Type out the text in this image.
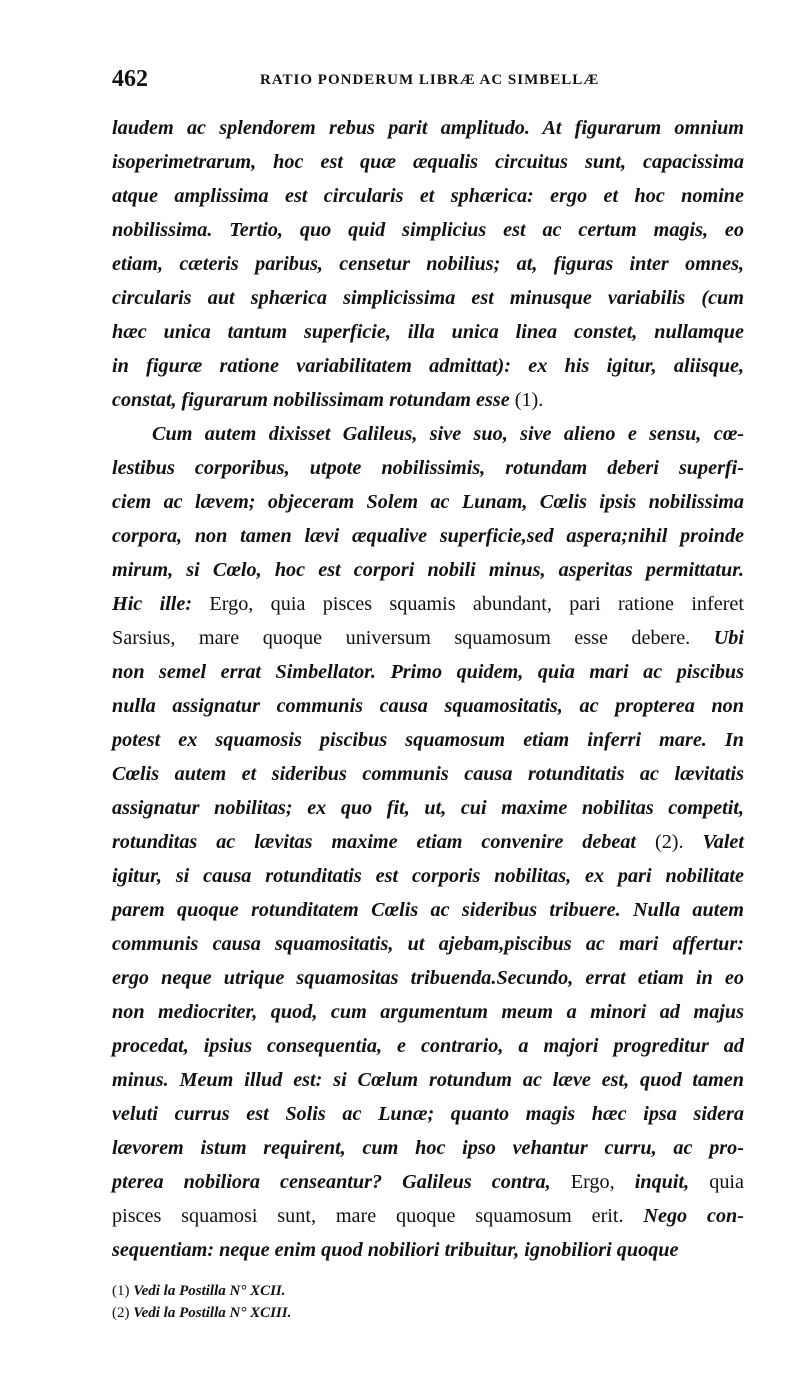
462	RATIO PONDERUM LIBRÆ AC SIMBELLÆ
laudem ac splendorem rebus parit amplitudo. At figurarum omnium
isoperimetrarum, hoc est quæ æqualis circuitus sunt, capacissima
atque amplissima est circularis et sphærica: ergo et hoc nomine
nobilissima. Tertio, quo quid simplicius est ac certum magis, eo
etiam, cæteris paribus, censetur nobilius; at, figuras inter omnes,
circularis aut sphærica simplicissima est minusque variabilis (cum
hæc unica tantum superficie, illa unica linea constet, nullamque
in figuræ ratione variabilitatem admittat): ex his igitur, aliisque,
constat, figurarum nobilissimam rotundam esse (1).
Cum autem dixisset Galileus, sive suo, sive alieno e sensu, cœ-
lestibus corporibus, utpote nobilissimis, rotundam deberi superfi-
ciem ac lævem; objeceram Solem ac Lunam, Cœlis ipsis nobilissima
corpora, non tamen lævi æqualive superficie,sed aspera;nihil proinde
mirum, si Cœlo, hoc est corpori nobili minus, asperitas permittatur.
Hic ille: Ergo, quia pisces squamis abundant, pari ratione inferet
Sarsius, mare quoque universum squamosum esse debere. Ubi
non semel errat Simbellator. Primo quidem, quia mari ac piscibus
nulla assignatur communis causa squamositatis, ac propterea non
potest ex squamosis piscibus squamosum etiam inferri mare. In
Cœlis autem et sideribus communis causa rotunditatis ac lævitatis
assignatur nobilitas; ex quo fit, ut, cui maxime nobilitas competit,
rotunditas ac lævitas maxime etiam convenire debeat (2). Valet
igitur, si causa rotunditatis est corporis nobilitas, ex pari nobilitate
parem quoque rotunditatem Cœlis ac sideribus tribuere. Nulla autem
communis causa squamositatis, ut ajebam,piscibus ac mari affertur:
ergo neque utrique squamositas tribuenda.Secundo, errat etiam in eo
non mediocriter, quod, cum argumentum meum a minori ad majus
procedat, ipsius consequentia, e contrario, a majori progreditur ad
minus. Meum illud est: si Cœlum rotundum ac læve est, quod tamen
veluti currus est Solis ac Lunæ; quanto magis hæc ipsa sidera
lævorem istum requirent, cum hoc ipso vehantur curru, ac pro-
pterea nobiliora censeantur? Galileus contra, Ergo, inquit, quia
pisces squamosi sunt, mare quoque squamosum erit. Nego con-
sequentiam: neque enim quod nobiliori tribuitur, ignobiliori quoque
(1) Vedi la Postilla N° XCII.
(2) Vedi la Postilla N° XCIII.
